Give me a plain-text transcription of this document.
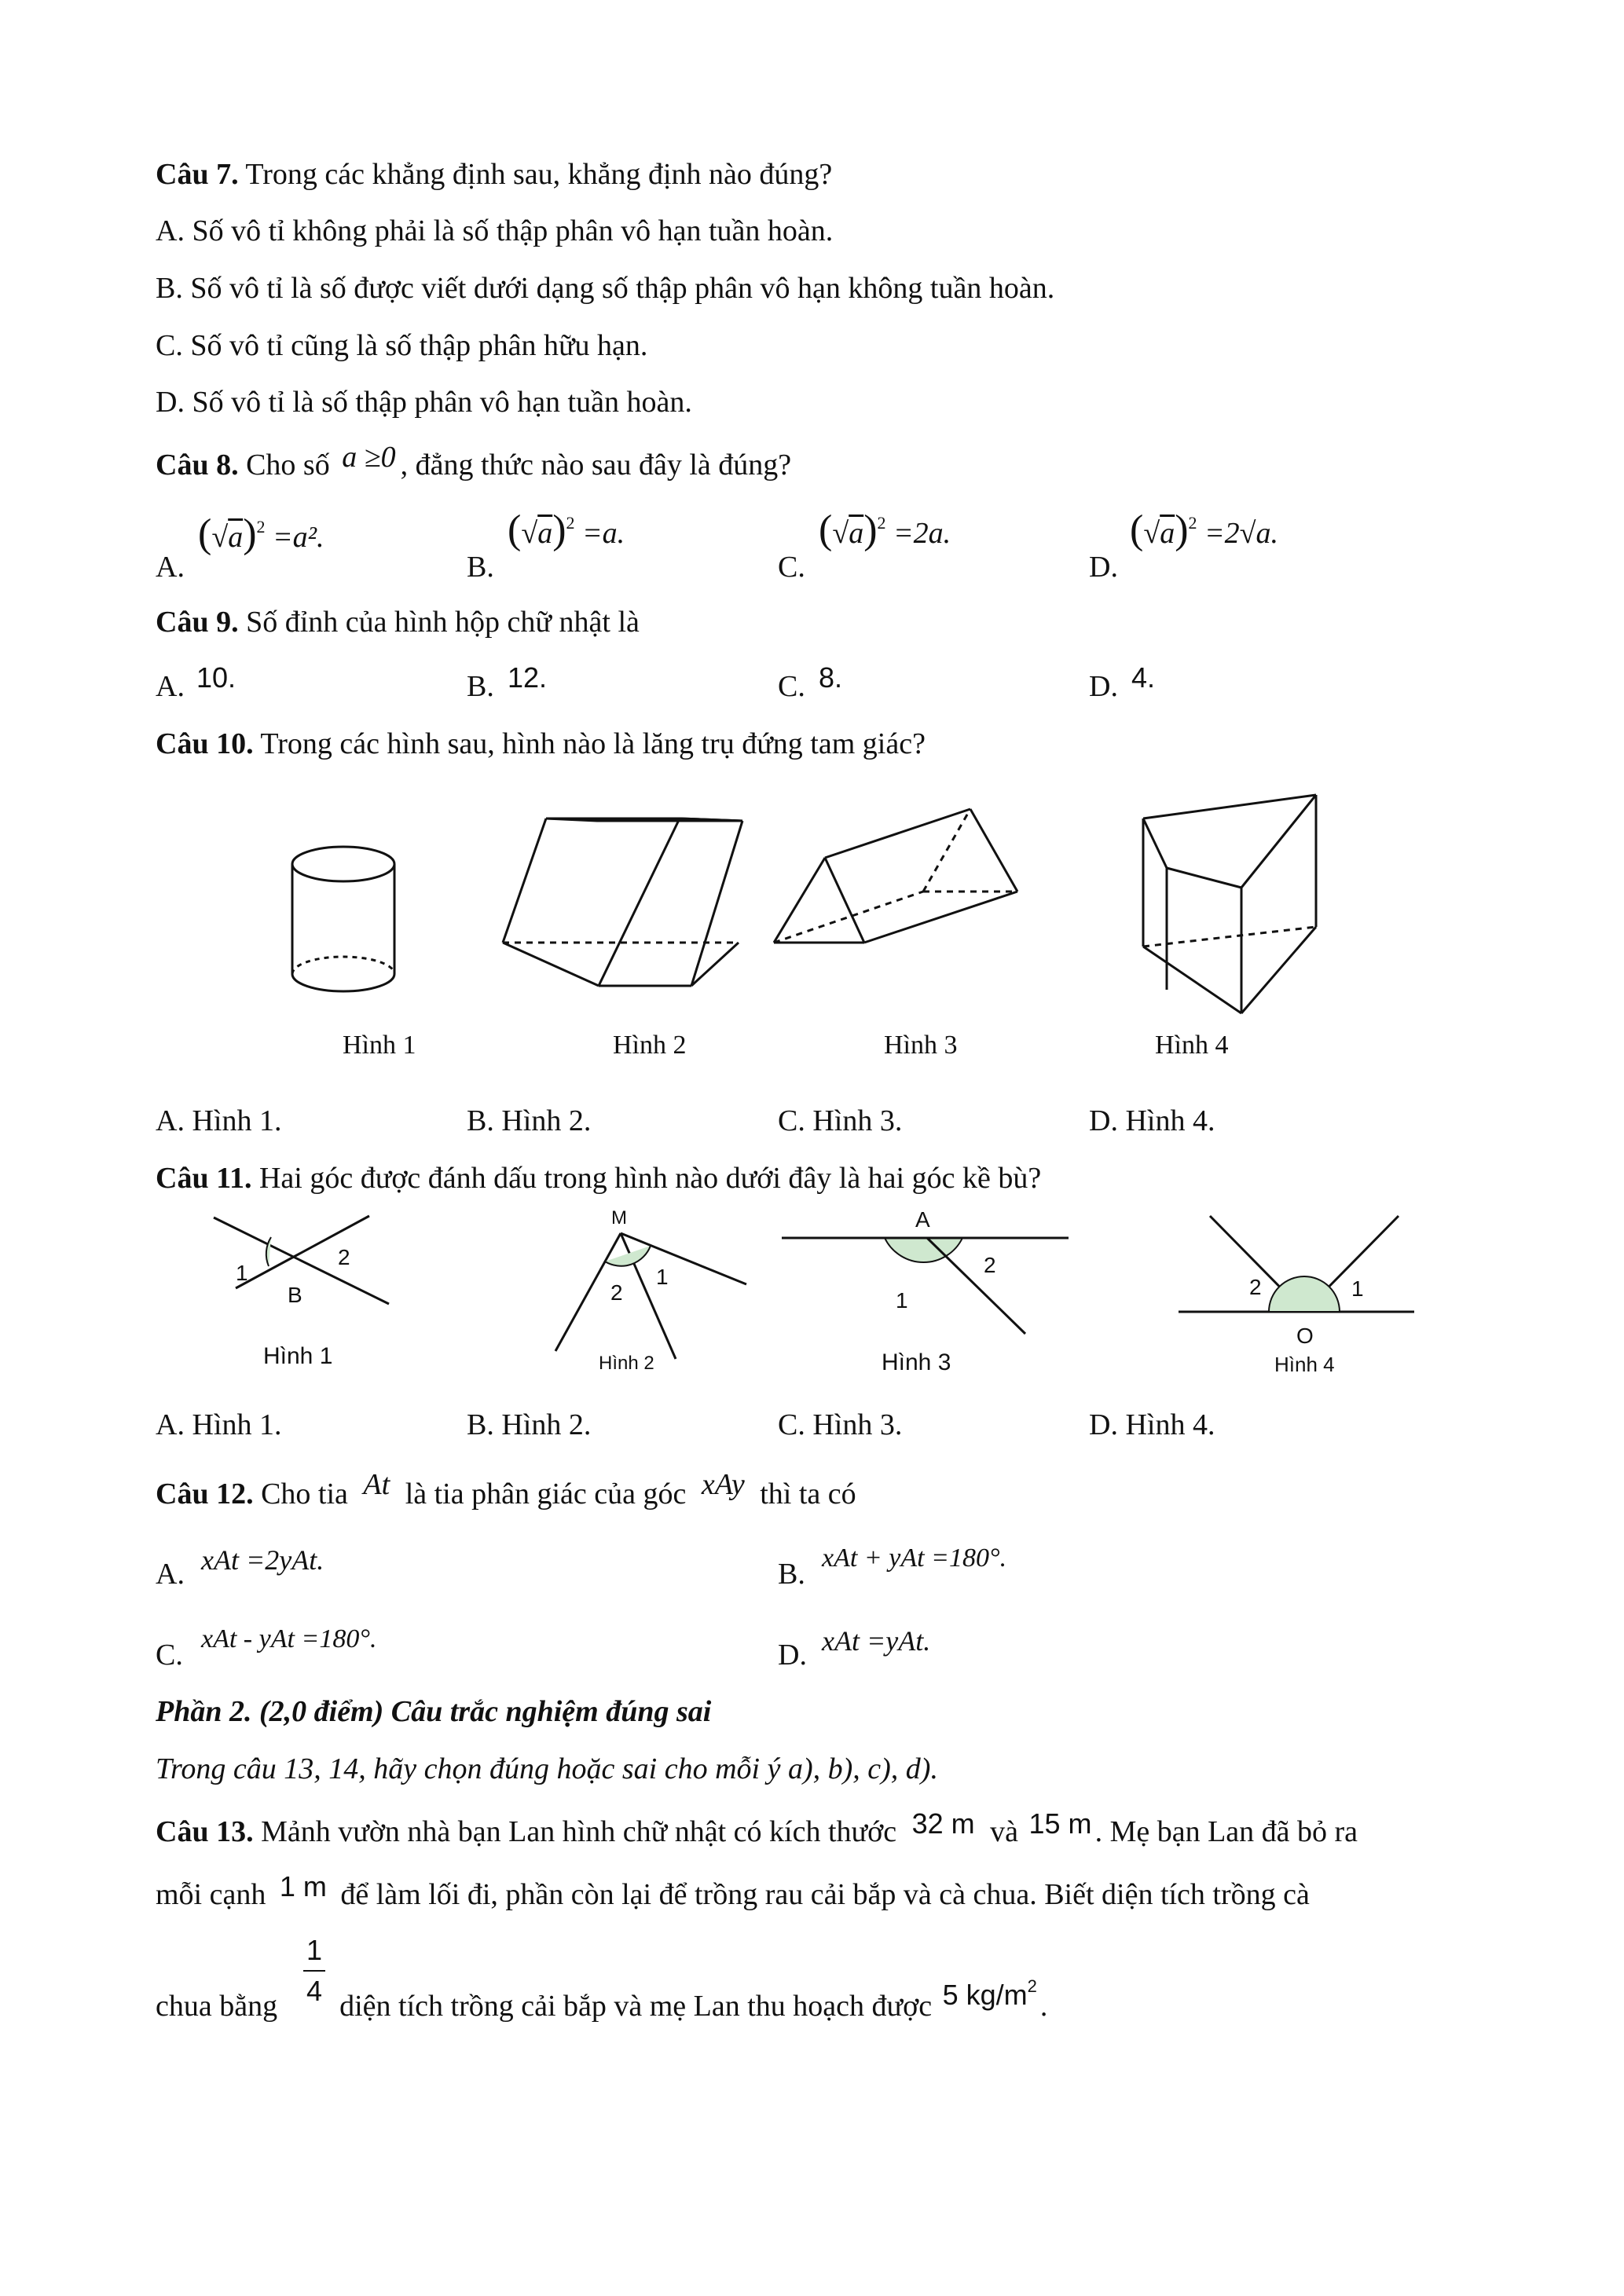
Câu 7. Trong các khẳng định sau, khẳng định nào đúng?
A. Số vô tỉ không phải là số thập phân vô hạn tuần hoàn.
B. Số vô tỉ là số được viết dưới dạng số thập phân vô hạn không tuần hoàn.
C. Số vô tỉ cũng là số thập phân hữu hạn.
D. Số vô tỉ là số thập phân vô hạn tuần hoàn.
Câu 8. Cho số a ≥0 , đẳng thức nào sau đây là đúng?
A.
$(√a)^2 =a^2$.
B.
$(√a)^2 =a$.
C.
$(√a)^2 =2a$.
D.
$(√a)^2 =2√a$.
Câu 9. Số đỉnh của hình hộp chữ nhật là
A. 10.	B. 12.	C. 8.	D. 4.
Câu 10. Trong các hình sau, hình nào là lăng trụ đứng tam giác?
Hình 1	Hình 2	Hình 3	Hình 4
A. Hình 1.	B. Hình 2.	C. Hình 3.	D. Hình 4.
Câu 11. Hai góc được đánh dấu trong hình nào dưới đây là hai góc kề bù?
1
2
B
M
1
2
A
2
1
2	1
O
Hình 1	Hình 2	Hình 3	Hình 4
A. Hình 1.	B. Hình 2.	C. Hình 3.	D. Hình 4.
Câu 12. Cho tia At là tia phân giác của góc xAy thì ta có
A. xAt =2yAt.	B. xAt + yAt =180°.
C. xAt - yAt =180°.	D. xAt =yAt.
Phần 2. (2,0 điểm) Câu trắc nghiệm đúng sai
Trong câu 13, 14, hãy chọn đúng hoặc sai cho mỗi ý a), b), c), d).
Câu 13. Mảnh vườn nhà bạn Lan hình chữ nhật có kích thước 32 m và 15 m . Mẹ bạn Lan đã bỏ ra
mỗi cạnh 1 m để làm lối đi, phần còn lại để trồng rau cải bắp và cà chua. Biết diện tích trồng cà
chua bằng diện tích trồng cải bắp và mẹ Lan thu hoạch được 5 $kg/m^2$.
1
4
